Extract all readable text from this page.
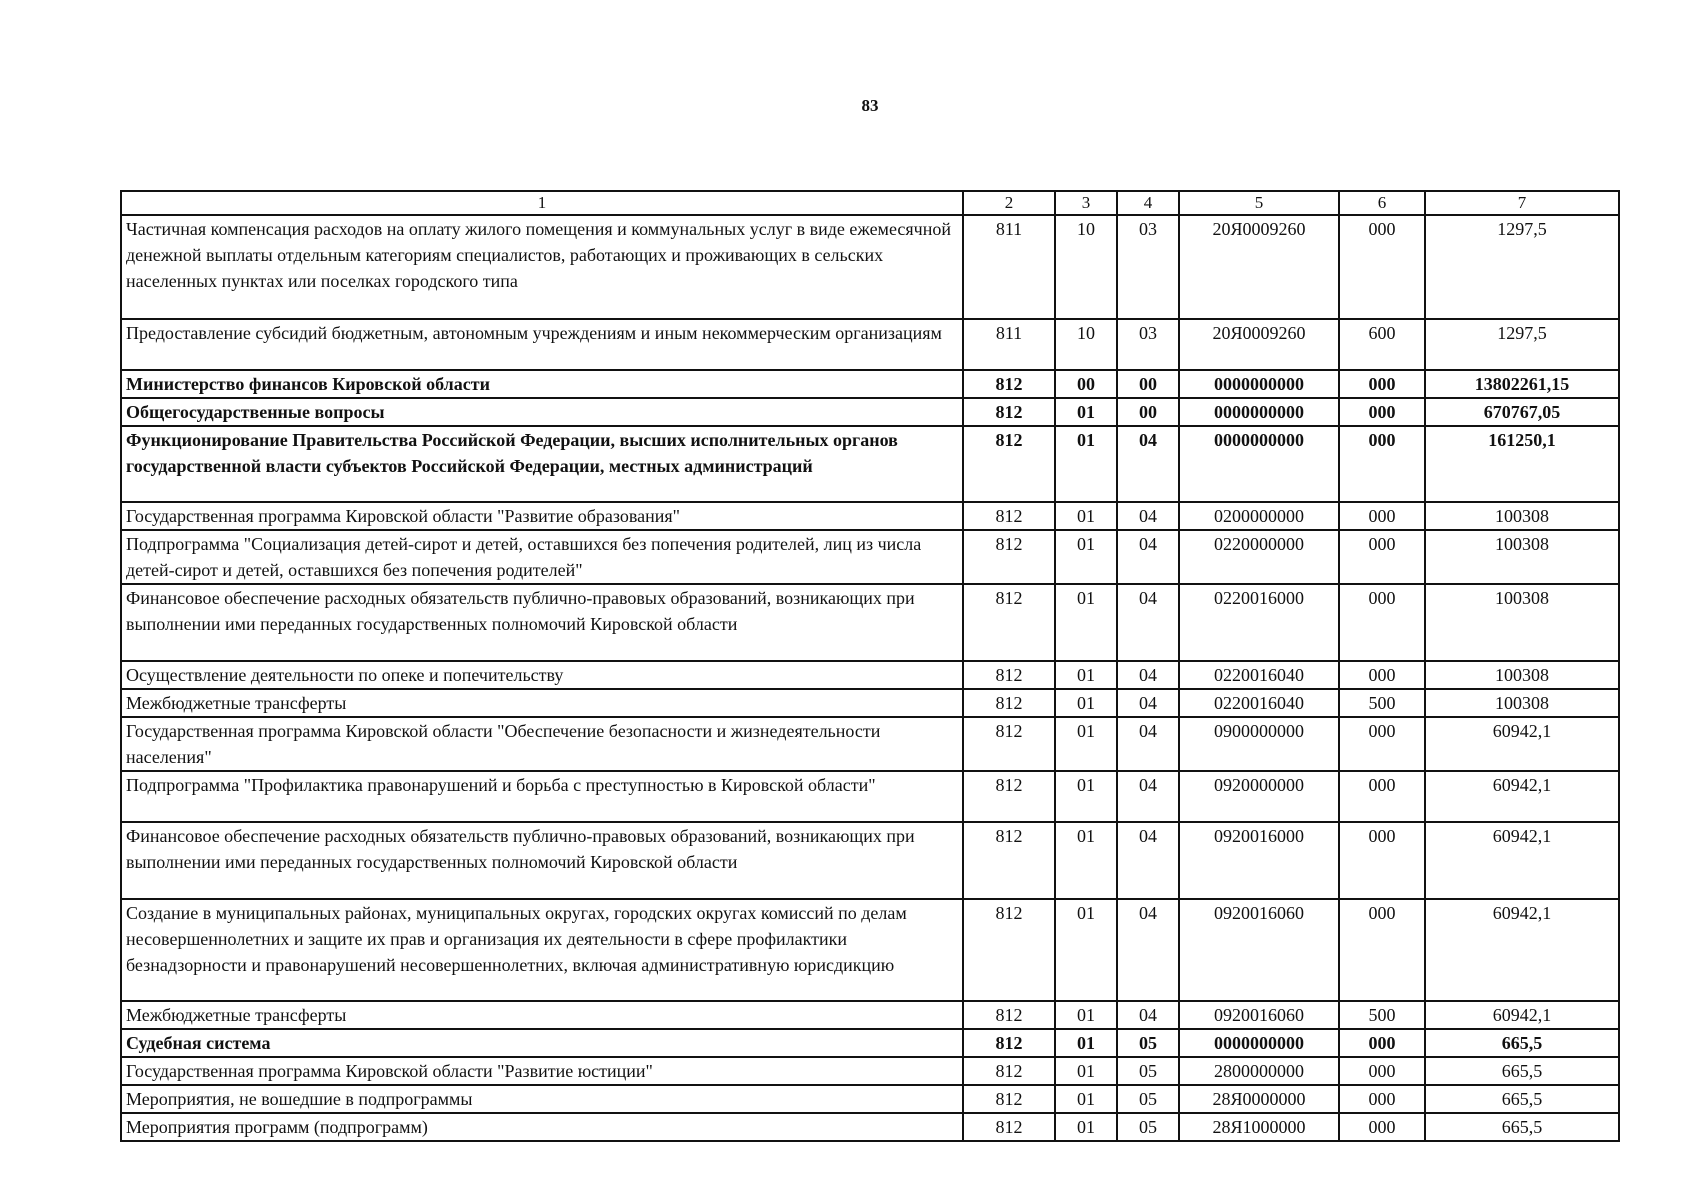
83
1	2	3	4	5	6	7
Частичная компенсация расходов на оплату жилого помещения и коммунальных услуг в виде ежемесячной денежной выплаты отдельным категориям специалистов, работающих и проживающих в сельских населенных пунктах или поселках городского типа	811	10	03	20Я0009260	000	1297,5
Предоставление субсидий бюджетным, автономным учреждениям и иным некоммерческим организациям	811	10	03	20Я0009260	600	1297,5
Министерство финансов Кировской области	812	00	00	0000000000	000	13802261,15
Общегосударственные вопросы	812	01	00	0000000000	000	670767,05
Функционирование Правительства Российской Федерации, высших исполнительных органов государственной власти субъектов Российской Федерации, местных администраций	812	01	04	0000000000	000	161250,1
Государственная программа Кировской области "Развитие образования"	812	01	04	0200000000	000	100308
Подпрограмма "Социализация детей-сирот и детей, оставшихся без попечения родителей, лиц из числа детей-сирот и детей, оставшихся без попечения родителей"	812	01	04	0220000000	000	100308
Финансовое обеспечение расходных обязательств публично-правовых образований, возникающих при выполнении ими переданных государственных полномочий Кировской области	812	01	04	0220016000	000	100308
Осуществление деятельности по опеке и попечительству	812	01	04	0220016040	000	100308
Межбюджетные трансферты	812	01	04	0220016040	500	100308
Государственная программа Кировской области "Обеспечение безопасности и жизнедеятельности населения"	812	01	04	0900000000	000	60942,1
Подпрограмма "Профилактика правонарушений и борьба с преступностью в Кировской области"	812	01	04	0920000000	000	60942,1
Финансовое обеспечение расходных обязательств публично-правовых образований, возникающих при выполнении ими переданных государственных полномочий Кировской области	812	01	04	0920016000	000	60942,1
Создание в муниципальных районах, муниципальных округах, городских округах комиссий по делам несовершеннолетних и защите их прав и организация их деятельности в сфере профилактики безнадзорности и правонарушений несовершеннолетних, включая административную юрисдикцию	812	01	04	0920016060	000	60942,1
Межбюджетные трансферты	812	01	04	0920016060	500	60942,1
Судебная система	812	01	05	0000000000	000	665,5
Государственная программа Кировской области "Развитие юстиции"	812	01	05	2800000000	000	665,5
Мероприятия, не вошедшие в подпрограммы	812	01	05	28Я0000000	000	665,5
Мероприятия программ (подпрограмм)	812	01	05	28Я1000000	000	665,5
